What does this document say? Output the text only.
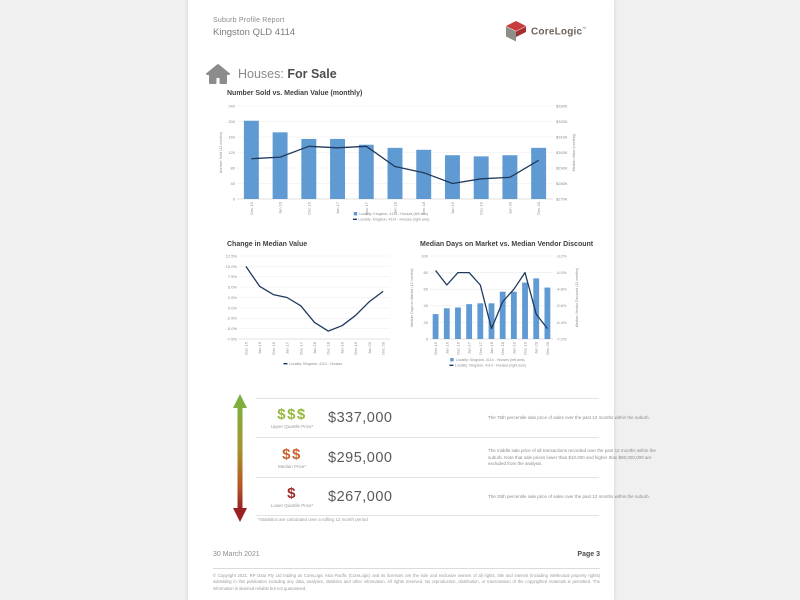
Suburb Profile Report
Kingston QLD 4114	CoreLogic™
Houses: For Sale
Number Sold vs. Median Value (monthly)
240
200
160
120
80
40
0
$330K
$320K
$310K
$300K
$290K
$280K
$270K
Dec 15	Jun 16	Dec 16	Jun 17	Dec 17	Jun 18	Dec 18	Jun 19	Dec 19	Jun 20	Dec 20
Number Sold (12 months)	Median Value (monthly)
Locality: Kingston, 4114 - Houses (left axis)
Locality: Kingston, 4114 - Houses (right axis)
Change in Median Value
12.5%
10.0%
7.5%
5.0%
2.5%
0.0%
-2.5%
-5.0%
-7.5%
Dec 15 Jun 16 Dec 16 Jun 17 Dec 17 Jun 18 Dec 18 Jun 19 Dec 19 Jun 20 Dec 20
Locality: Kingston, 4114 - Houses
Median Days on Market vs. Median Vendor Discount
100
80
60
40
20
0
-3.2%
-4.0%
-4.8%
-5.6%
-6.4%
-7.2%
Dec 15 Jun 16 Dec 16 Jun 17 Dec 17 Jun 18 Dec 18 Jun 19 Dec 19 Jun 20 Dec 20
Median Days on Market (12 months)	Median Vendor Discount (12 months)
Locality: Kingston, 4114 - Houses (left axis)
Locality: Kingston, 4114 - Houses (right axis)
$$$
Upper Quartile Price*
$337,000	The 75th percentile sale price of sales over the past 12 months within the suburb.
$$
Median Price*
$295,000	The middle sale price of all transactions recorded over the past 12 months within the suburb. Note that sale prices lower than $10,000 and higher than $80,000,000 are excluded from the analysis.
$
Lower Quartile Price*
$267,000	The 25th percentile sale price of sales over the past 12 months within the suburb.
*Statistics are calculated over a rolling 12 month period
30 March 2021	Page 3
© Copyright 2021. RP Data Pty Ltd trading as CoreLogic Asia Pacific (CoreLogic) and its licensors are the sole and exclusive owners of all rights, title and interest (including intellectual property rights) subsisting in this publication including any data, analytics, statistics and other information. All rights reserved. No reproduction, distribution, or transmission of the copyrighted materials is permitted. The information is deemed reliable but not guaranteed.
